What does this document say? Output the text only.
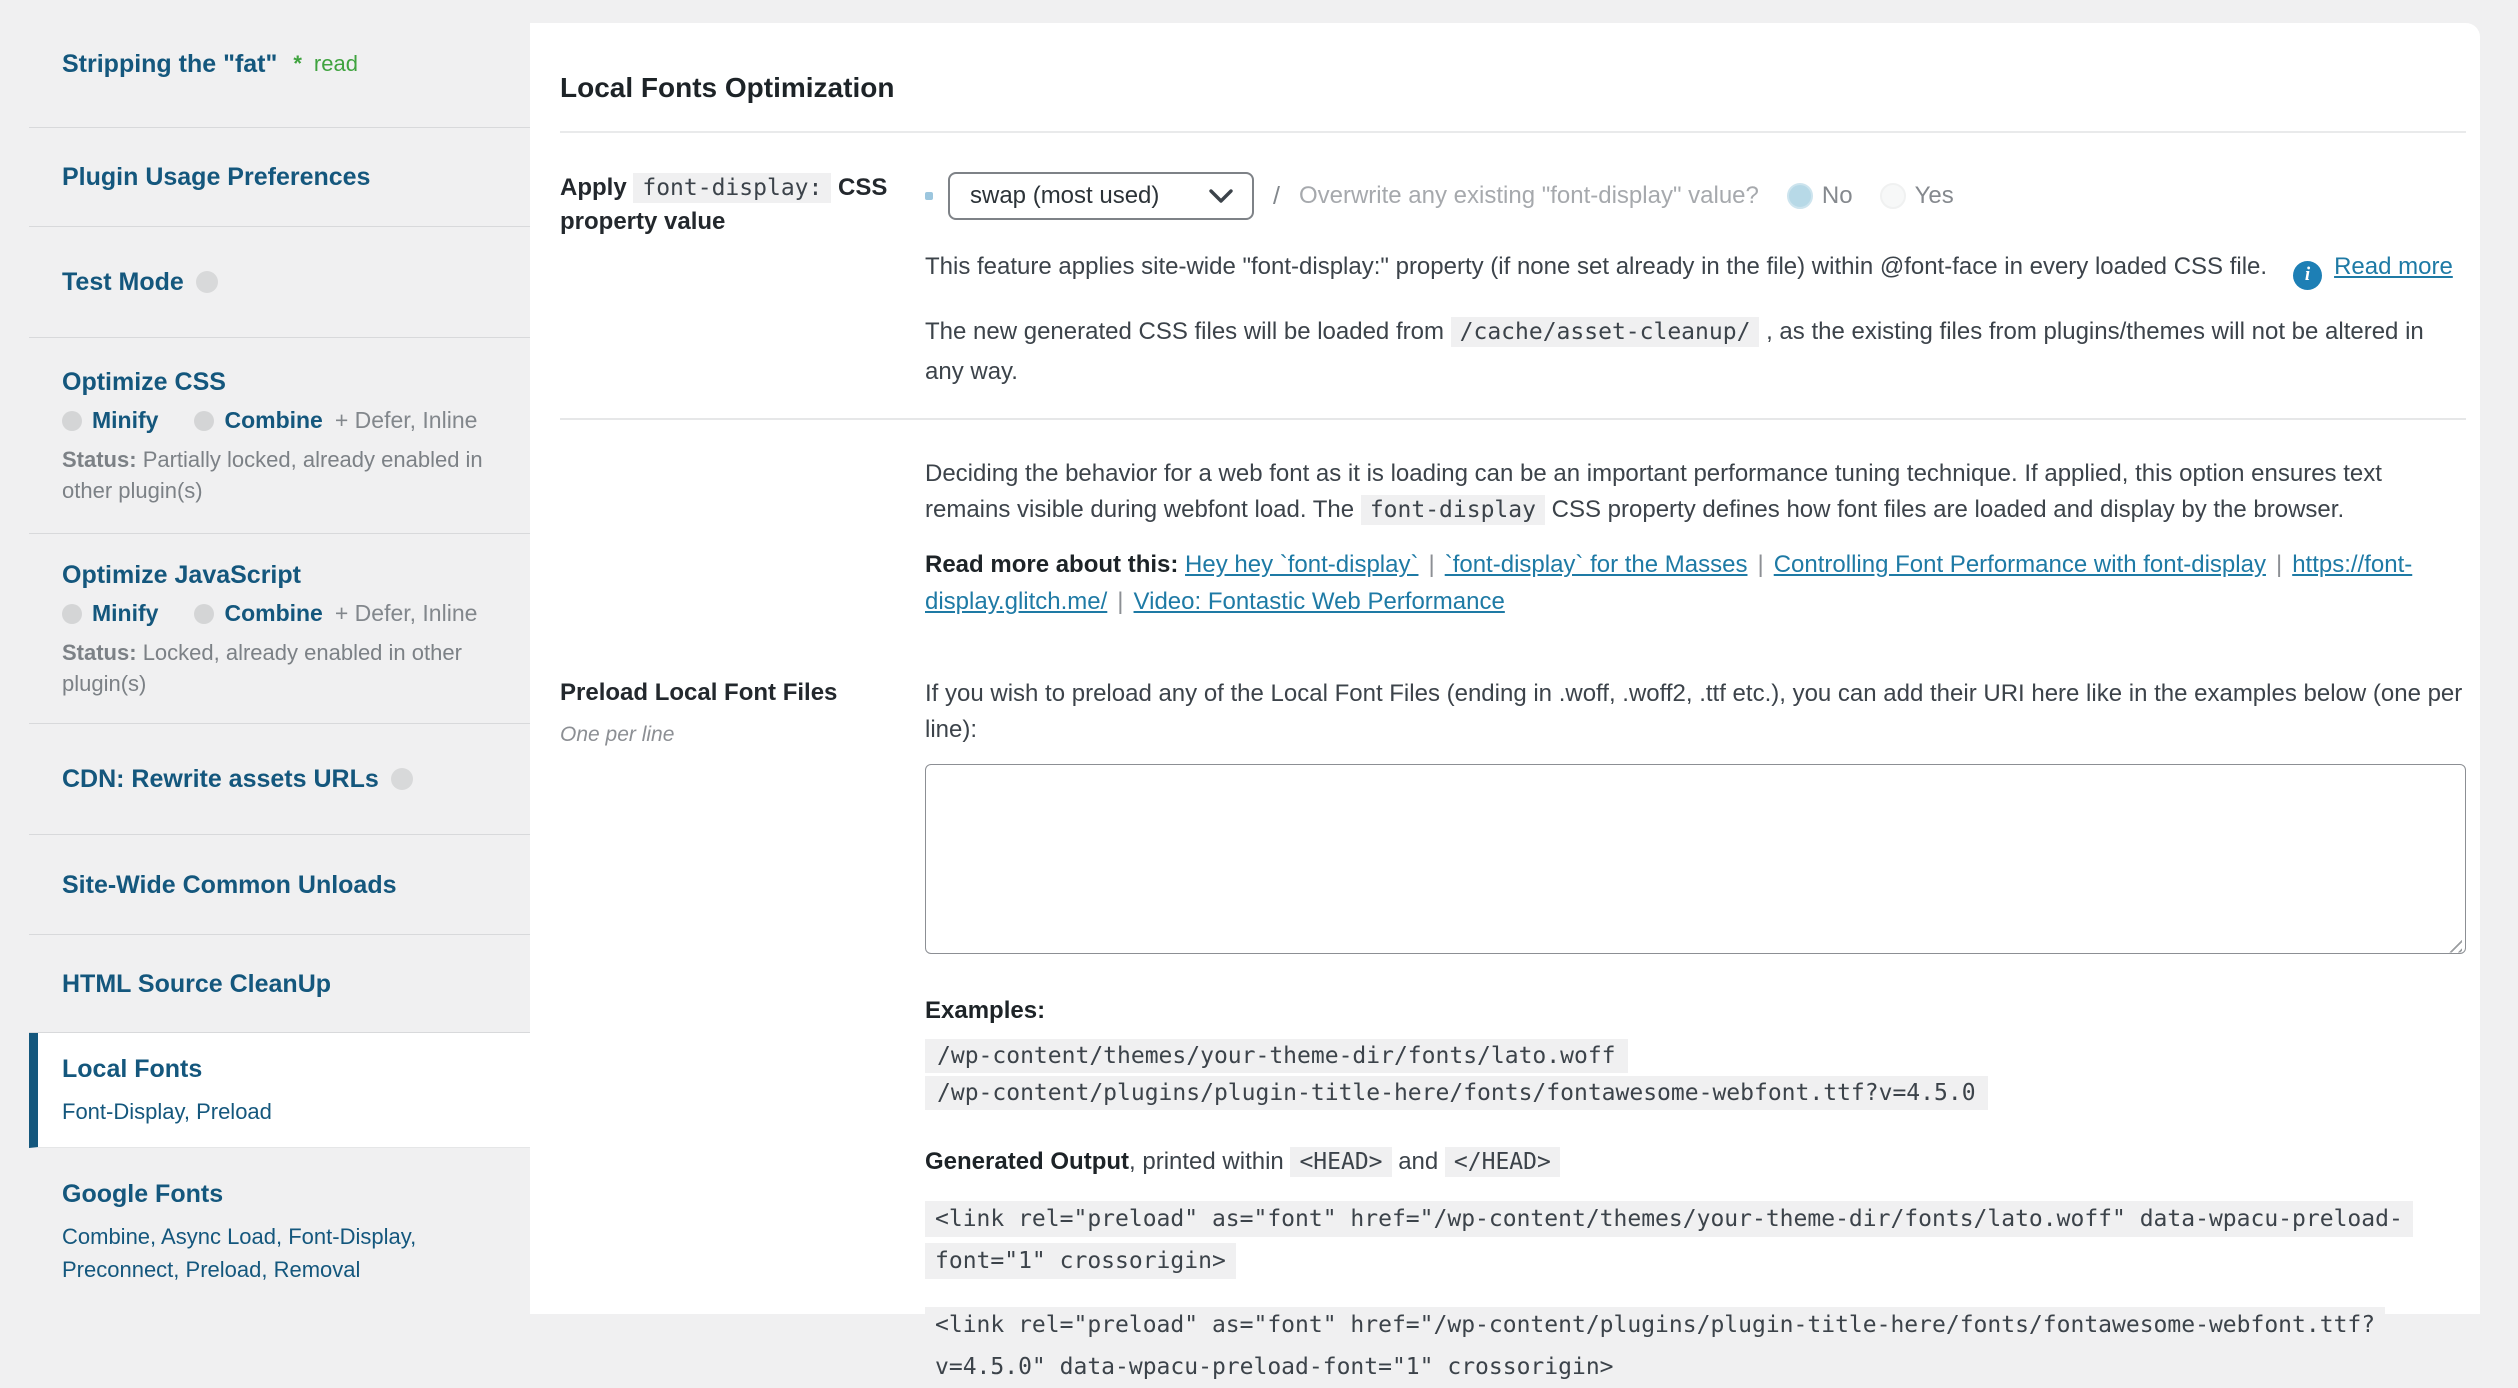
Stripping the "fat" * read
Plugin Usage Preferences
Test Mode
Optimize CSS
Minify	Combine + Defer, Inline
Status: Partially locked, already enabled in other plugin(s)
Optimize JavaScript
Minify	Combine + Defer, Inline
Status: Locked, already enabled in other plugin(s)
CDN: Rewrite assets URLs
Site-Wide Common Unloads
HTML Source CleanUp
Local Fonts
Font-Display, Preload
Google Fonts
Combine, Async Load, Font-Display, Preconnect, Preload, Removal
Local Fonts Optimization
Apply font-display: CSS property value
swap (most used)	/ Overwrite any existing "font-display" value?	No	Yes

This feature applies site-wide "font-display:" property (if none set already in the file) within @font-face in every loaded CSS file. i Read more

The new generated CSS files will be loaded from /cache/asset-cleanup/ , as the existing files from plugins/themes will not be altered in any way.

Deciding the behavior for a web font as it is loading can be an important performance tuning technique. If applied, this option ensures text remains visible during webfont load. The font-display CSS property defines how font files are loaded and display by the browser.

Read more about this: Hey hey `font-display` | `font-display` for the Masses | Controlling Font Performance with font-display | https://font-display.glitch.me/ | Video: Fontastic Web Performance

Preload Local Font Files
One per line

If you wish to preload any of the Local Font Files (ending in .woff, .woff2, .ttf etc.), you can add their URI here like in the examples below (one per line):

Examples:
/wp-content/themes/your-theme-dir/fonts/lato.woff
/wp-content/plugins/plugin-title-here/fonts/fontawesome-webfont.ttf?v=4.5.0

Generated Output, printed within <HEAD> and </HEAD>

<link rel="preload" as="font" href="/wp-content/themes/your-theme-dir/fonts/lato.woff" data-wpacu-preload-font="1" crossorigin>
<link rel="preload" as="font" href="/wp-content/plugins/plugin-title-here/fonts/fontawesome-webfont.ttf?v=4.5.0" data-wpacu-preload-font="1" crossorigin>
